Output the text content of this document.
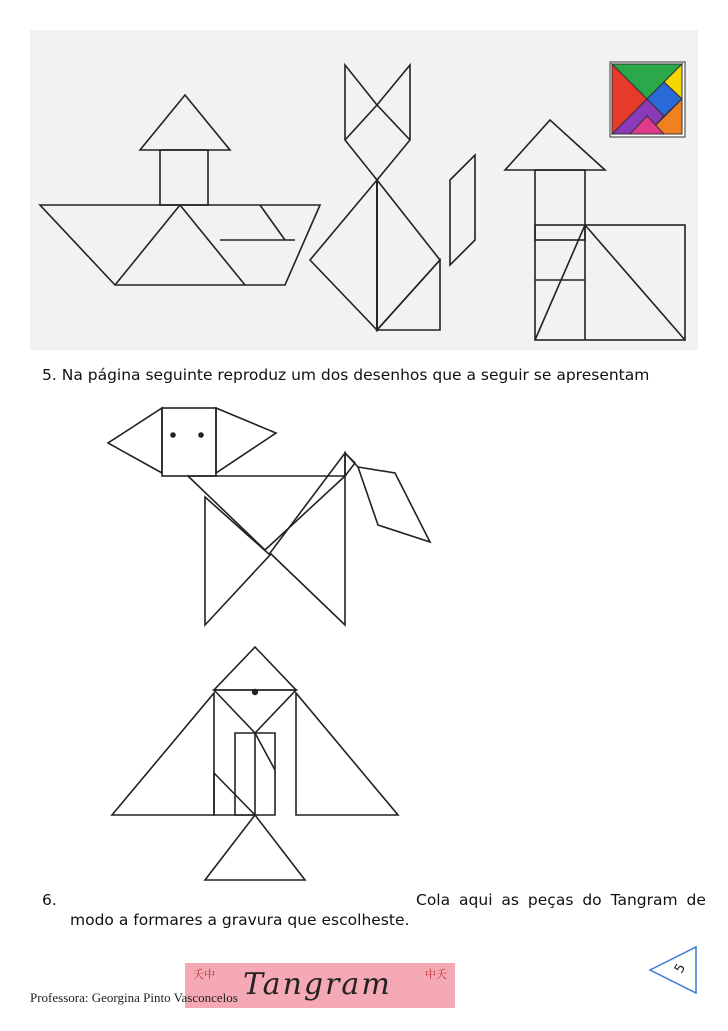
5. Na página seguinte reproduz um dos desenhos que a seguir se apresentam
6.	Cola aqui as peças do Tangram de
modo a formares a gravura que escolheste.
5
夭中	中夭
Tangram
Professora: Georgina Pinto Vasconcelos
